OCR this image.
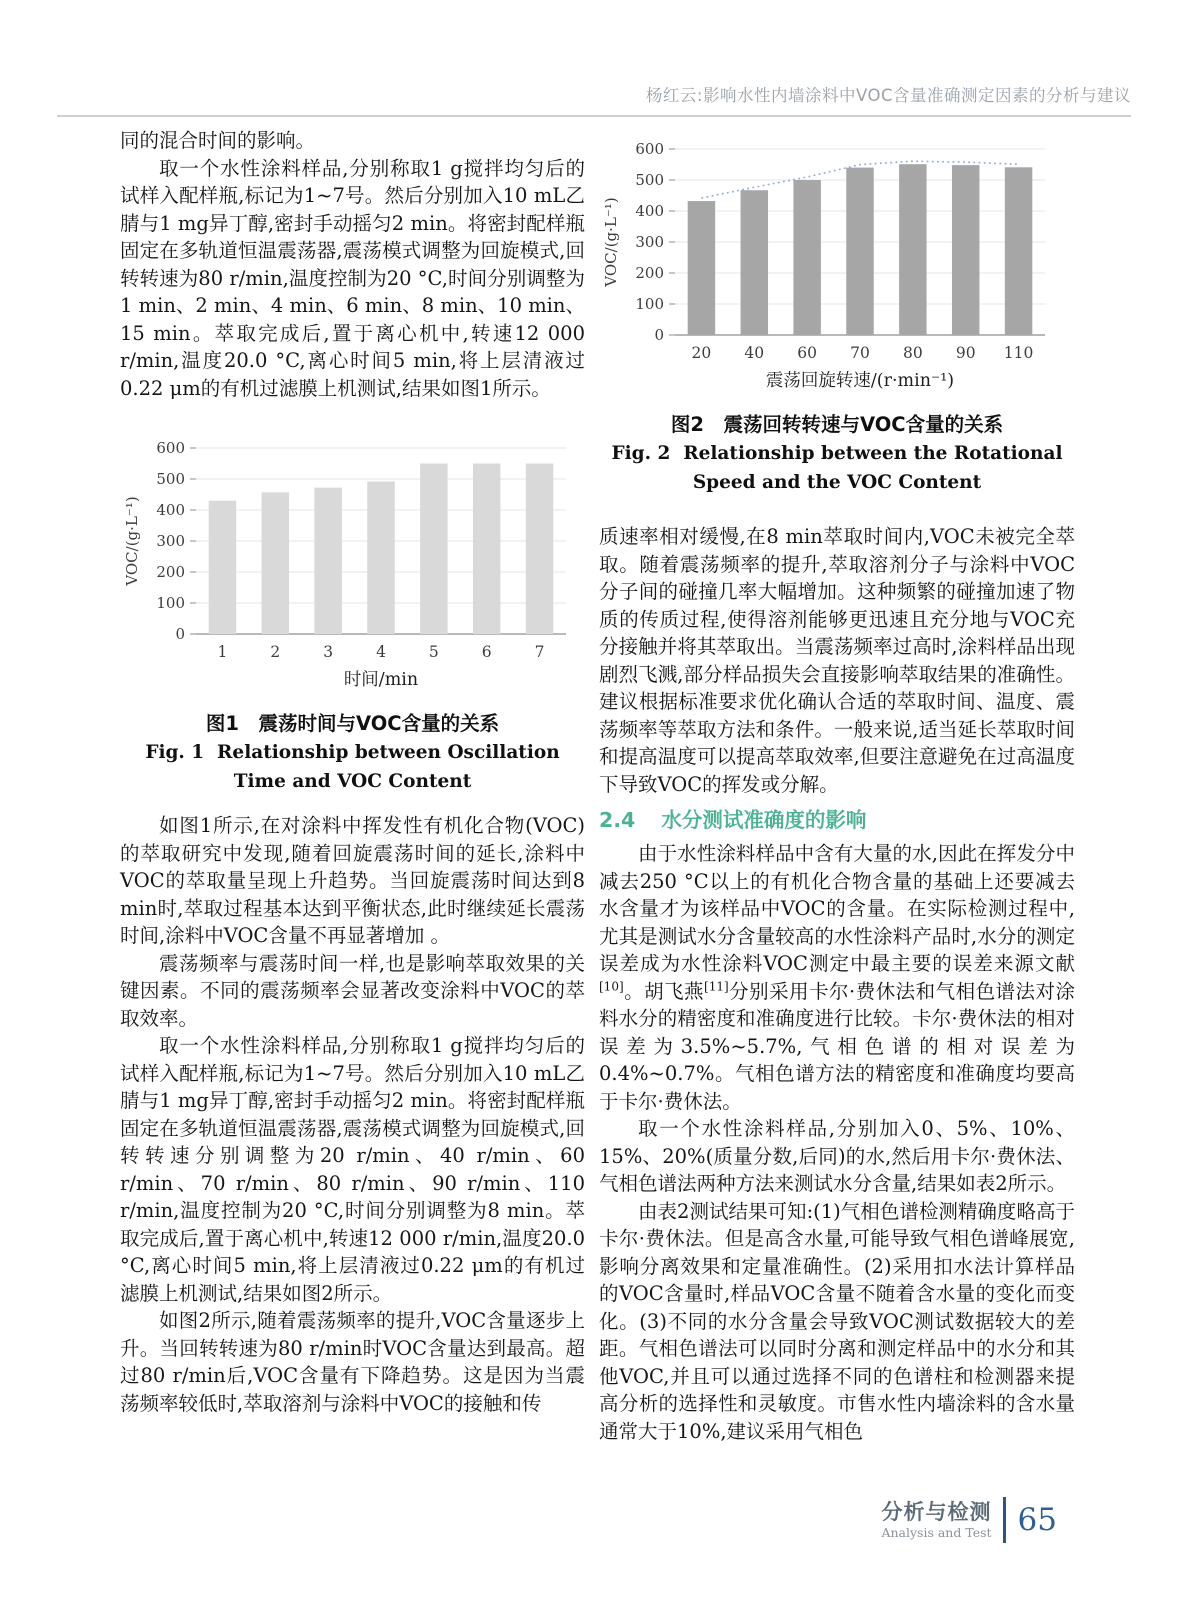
杨红云:影响水性内墙涂料中VOC含量准确测定因素的分析与建议

同的混合时间的影响。

取一个水性涂料样品,分别称取1 g搅拌均匀后的试样入配样瓶,标记为1~7号。然后分别加入10 mL乙腈与1 mg异丁醇,密封手动摇匀2 min。将密封配样瓶固定在多轨道恒温震荡器,震荡模式调整为回旋模式,回转转速为80 r/min,温度控制为20 °C,时间分别调整为1 min、2 min、4 min、6 min、8 min、10 min、15 min。萃取完成后,置于离心机中,转速12 000 r/min,温度20.0 °C,离心时间5 min,将上层清液过0.22 μm的有机过滤膜上机测试,结果如图1所示。

0
100
200
300
400
500
600
1	2	3	4	5	6	7
时间/min
VOC/(g·L⁻¹)
图1　震荡时间与VOC含量的关系
Fig. 1  Relationship between Oscillation Time and VOC Content

如图1所示,在对涂料中挥发性有机化合物(VOC)的萃取研究中发现,随着回旋震荡时间的延长,涂料中VOC的萃取量呈现上升趋势。当回旋震荡时间达到8 min时,萃取过程基本达到平衡状态,此时继续延长震荡时间,涂料中VOC含量不再显著增加 。

震荡频率与震荡时间一样,也是影响萃取效果的关键因素。不同的震荡频率会显著改变涂料中VOC的萃取效率。

取一个水性涂料样品,分别称取1 g搅拌均匀后的试样入配样瓶,标记为1~7号。然后分别加入10 mL乙腈与1 mg异丁醇,密封手动摇匀2 min。将密封配样瓶固定在多轨道恒温震荡器,震荡模式调整为回旋模式,回转转速分别调整为20 r/min、40 r/min、60 r/min、70 r/min、80 r/min、90 r/min、110 r/min,温度控制为20 °C,时间分别调整为8 min。萃取完成后,置于离心机中,转速12 000 r/min,温度20.0 °C,离心时间5 min,将上层清液过0.22 μm的有机过滤膜上机测试,结果如图2所示。

如图2所示,随着震荡频率的提升,VOC含量逐步上升。当回转转速为80 r/min时VOC含量达到最高。超过80 r/min后,VOC含量有下降趋势。这是因为当震荡频率较低时,萃取溶剂与涂料中VOC的接触和传

0
100
200
300
400
500
600
20 40 60 70 80 90 110
震荡回旋转速/(r·min⁻¹)
VOC/(g·L⁻¹)
图2　震荡回转转速与VOC含量的关系
Fig. 2  Relationship between the Rotational Speed and the VOC Content

质速率相对缓慢,在8 min萃取时间内,VOC未被完全萃取。随着震荡频率的提升,萃取溶剂分子与涂料中VOC分子间的碰撞几率大幅增加。这种频繁的碰撞加速了物质的传质过程,使得溶剂能够更迅速且充分地与VOC充分接触并将其萃取出。当震荡频率过高时,涂料样品出现剧烈飞溅,部分样品损失会直接影响萃取结果的准确性。建议根据标准要求优化确认合适的萃取时间、温度、震荡频率等萃取方法和条件。一般来说,适当延长萃取时间和提高温度可以提高萃取效率,但要注意避免在过高温度下导致VOC的挥发或分解。

2.4 水分测试准确度的影响

由于水性涂料样品中含有大量的水,因此在挥发分中减去250 °C以上的有机化合物含量的基础上还要减去水含量才为该样品中VOC的含量。在实际检测过程中,尤其是测试水分含量较高的水性涂料产品时,水分的测定误差成为水性涂料VOC测定中最主要的误差来源文献[10]。胡飞燕[11]分别采用卡尔·费休法和气相色谱法对涂料水分的精密度和准确度进行比较。卡尔·费休法的相对误差为3.5%~5.7%,气相色谱的相对误差为0.4%~0.7%。气相色谱方法的精密度和准确度均要高于卡尔·费休法。

取一个水性涂料样品,分别加入0、5%、10%、15%、20%(质量分数,后同)的水,然后用卡尔·费休法、气相色谱法两种方法来测试水分含量,结果如表2所示。

由表2测试结果可知:(1)气相色谱检测精确度略高于卡尔·费休法。但是高含水量,可能导致气相色谱峰展宽,影响分离效果和定量准确性。(2)采用扣水法计算样品的VOC含量时,样品VOC含量不随着含水量的变化而变化。(3)不同的水分含量会导致VOC测试数据较大的差距。气相色谱法可以同时分离和测定样品中的水分和其他VOC,并且可以通过选择不同的色谱柱和检测器来提高分析的选择性和灵敏度。市售水性内墙涂料的含水量通常大于10%,建议采用气相色

分析与检测
Analysis and Test 65
